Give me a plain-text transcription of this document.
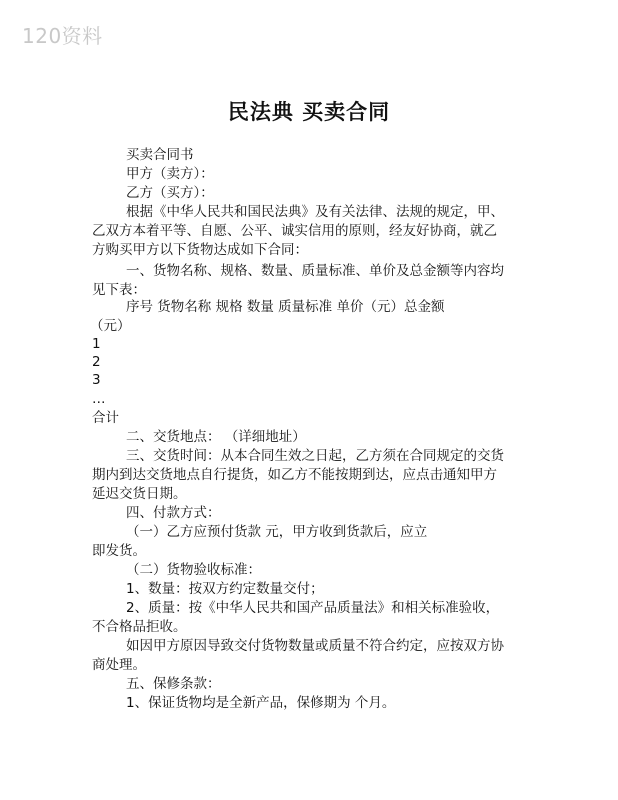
120资料
民法典 买卖合同
买卖合同书
甲方（卖方）：
乙方（买方）：
根据《中华人民共和国民法典》及有关法律、法规的规定，甲、
乙双方本着平等、自愿、公平、诚实信用的原则，经友好协商，就乙
方购买甲方以下货物达成如下合同：
一、货物名称、规格、数量、质量标准、单价及总金额等内容均
见下表：
序号 货物名称 规格 数量 质量标准 单价（元）总金额
（元）
1
2
3
…
合计
二、交货地点： （详细地址）
三、交货时间：从本合同生效之日起，乙方须在合同规定的交货
期内到达交货地点自行提货，如乙方不能按期到达，应点击通知甲方
延迟交货日期。
四、付款方式：
（一）乙方应预付货款 元，甲方收到货款后，应立
即发货。
（二）货物验收标准：
1、数量：按双方约定数量交付；
2、质量：按《中华人民共和国产品质量法》和相关标准验收，
不合格品拒收。
如因甲方原因导致交付货物数量或质量不符合约定，应按双方协
商处理。
五、保修条款：
1、保证货物均是全新产品，保修期为 个月。
